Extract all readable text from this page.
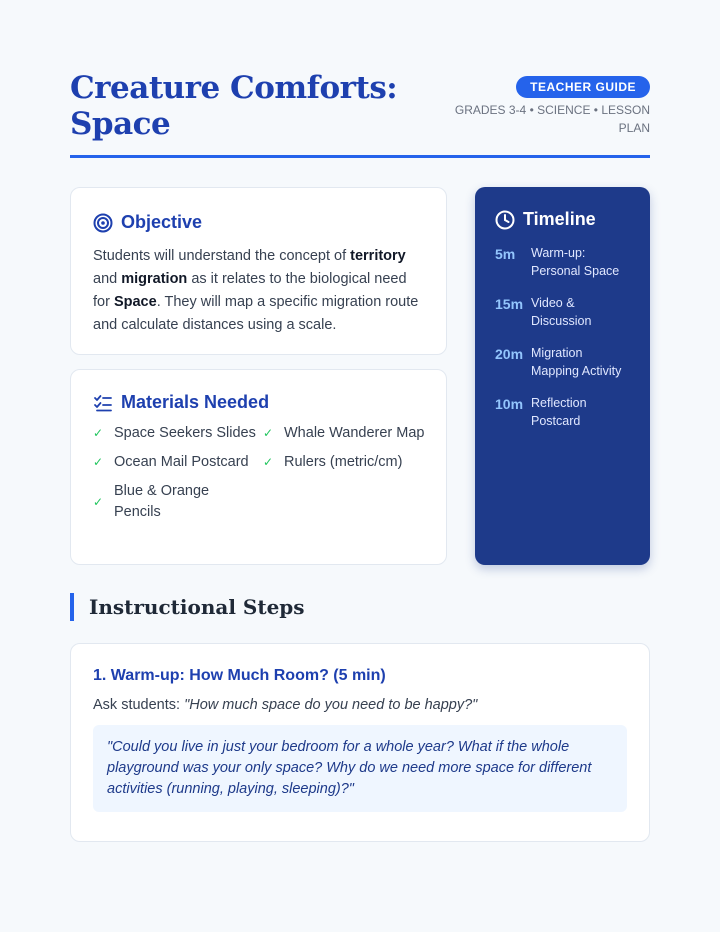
Creature Comforts: Space
TEACHER GUIDE
GRADES 3-4 • SCIENCE • LESSON PLAN
Objective

Students will understand the concept of territory and migration as it relates to the biological need for Space. They will map a specific migration route and calculate distances using a scale.

Materials Needed
✓ Space Seekers Slides ✓ Whale Wanderer Map
✓ Ocean Mail Postcard ✓ Rulers (metric/cm)
✓
Blue & Orange Pencils
Timeline
5m	Warm-up: Personal Space
15m Video & Discussion
20m Migration Mapping Activity
10m Reflection Postcard
Instructional Steps
1. Warm-up: How Much Room? (5 min)

Ask students: "How much space do you need to be happy?"

"Could you live in just your bedroom for a whole year? What if the whole playground was your only space? Why do we need more space for different activities (running, playing, sleeping)?"
